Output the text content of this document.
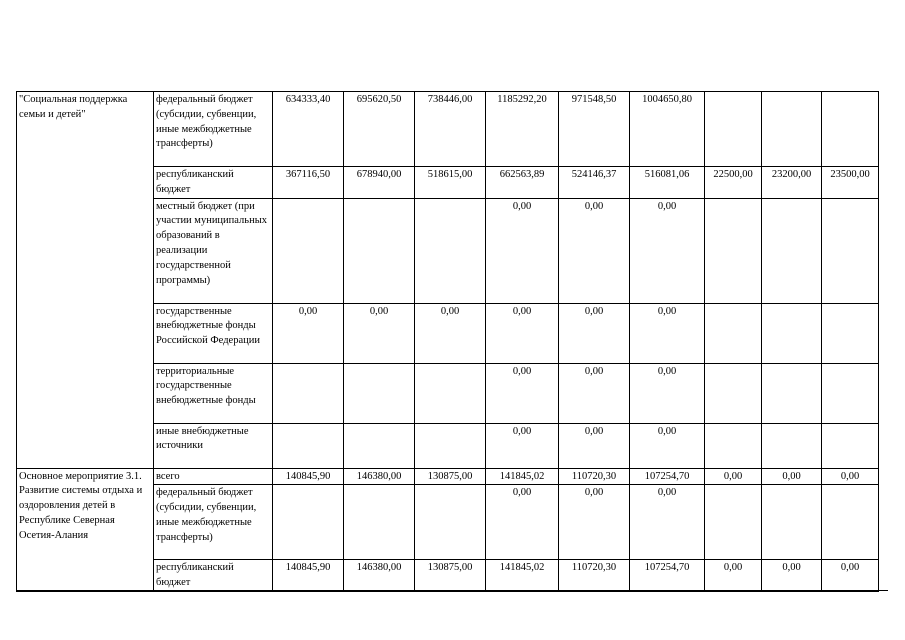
"Социальная поддержка семьи и детей"	федеральный бюджет (субсидии, субвенции, иные межбюджетные трансферты)	634333,40	695620,50	738446,00	1185292,20	971548,50	1004650,80			
	республиканский бюджет	367116,50	678940,00	518615,00	662563,89	524146,37	516081,06	22500,00	23200,00	23500,00
	местный бюджет (при участии муниципальных образований в реализации государственной программы)				0,00	0,00	0,00			
	государственные внебюджетные фонды Российской Федерации	0,00	0,00	0,00	0,00	0,00	0,00			
	территориальные государственные внебюджетные фонды				0,00	0,00	0,00			
	иные внебюджетные источники				0,00	0,00	0,00			
Основное мероприятие 3.1. Развитие системы отдыха и оздоровления детей в Республике Северная Осетия-Алания	всего	140845,90	146380,00	130875,00	141845,02	110720,30	107254,70	0,00	0,00	0,00
	федеральный бюджет (субсидии, субвенции, иные межбюджетные трансферты)				0,00	0,00	0,00			
	республиканский бюджет	140845,90	146380,00	130875,00	141845,02	110720,30	107254,70	0,00	0,00	0,00
